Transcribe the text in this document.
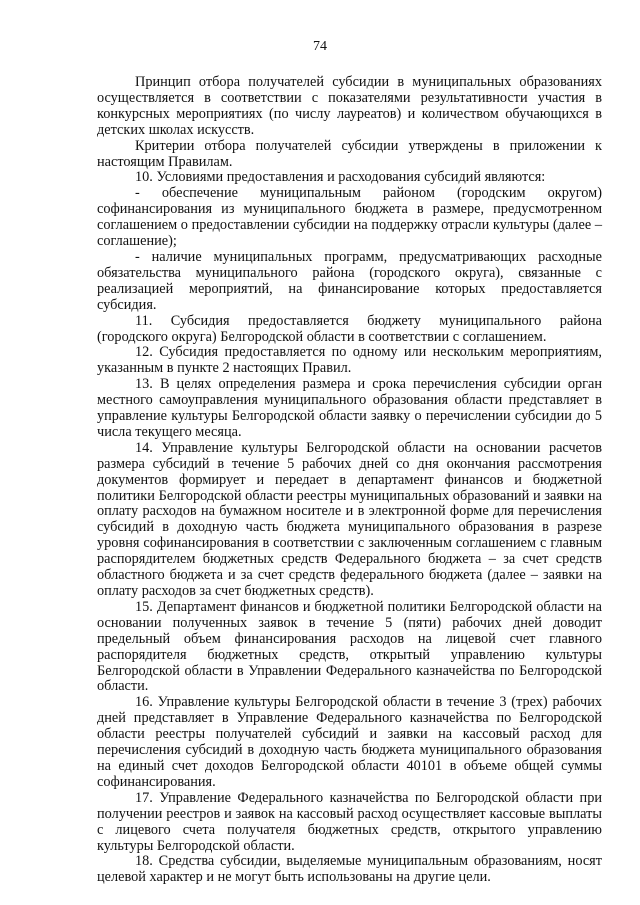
74

Принцип отбора получателей субсидии в муниципальных образованиях осуществляется в соответствии с показателями результативности участия в конкурсных мероприятиях (по числу лауреатов) и количеством обучающихся в детских школах искусств.

Критерии отбора получателей субсидии утверждены в приложении к настоящим Правилам.

10. Условиями предоставления и расходования субсидий являются:

- обеспечение муниципальным районом (городским округом) софинансирования из муниципального бюджета в размере, предусмотренном соглашением о предоставлении субсидии на поддержку отрасли культуры (далее – соглашение);

- наличие муниципальных программ, предусматривающих расходные обязательства муниципального района (городского округа), связанные с реализацией мероприятий, на финансирование которых предоставляется субсидия.

11. Субсидия предоставляется бюджету муниципального района (городского округа) Белгородской области в соответствии с соглашением.

12. Субсидия предоставляется по одному или нескольким мероприятиям, указанным в пункте 2 настоящих Правил.

13. В целях определения размера и срока перечисления субсидии орган местного самоуправления муниципального образования области представляет в управление культуры Белгородской области заявку о перечислении субсидии до 5 числа текущего месяца.

14. Управление культуры Белгородской области на основании расчетов размера субсидий в течение 5 рабочих дней со дня окончания рассмотрения документов формирует и передает в департамент финансов и бюджетной политики Белгородской области реестры муниципальных образований и заявки на оплату расходов на бумажном носителе и в электронной форме для перечисления субсидий в доходную часть бюджета муниципального образования в разрезе уровня софинансирования в соответствии с заключенным соглашением с главным распорядителем бюджетных средств Федерального бюджета – за счет средств областного бюджета и за счет средств федерального бюджета (далее – заявки на оплату расходов за счет бюджетных средств).

15. Департамент финансов и бюджетной политики Белгородской области на основании полученных заявок в течение 5 (пяти) рабочих дней доводит предельный объем финансирования расходов на лицевой счет главного распорядителя бюджетных средств, открытый управлению культуры Белгородской области в Управлении Федерального казначейства по Белгородской области.

16. Управление культуры Белгородской области в течение 3 (трех) рабочих дней представляет в Управление Федерального казначейства по Белгородской области реестры получателей субсидий и заявки на кассовый расход для перечисления субсидий в доходную часть бюджета муниципального образования на единый счет доходов Белгородской области 40101 в объеме общей суммы софинансирования.

17. Управление Федерального казначейства по Белгородской области при получении реестров и заявок на кассовый расход осуществляет кассовые выплаты с лицевого счета получателя бюджетных средств, открытого управлению культуры Белгородской области.

18. Средства субсидии, выделяемые муниципальным образованиям, носят целевой характер и не могут быть использованы на другие цели.
